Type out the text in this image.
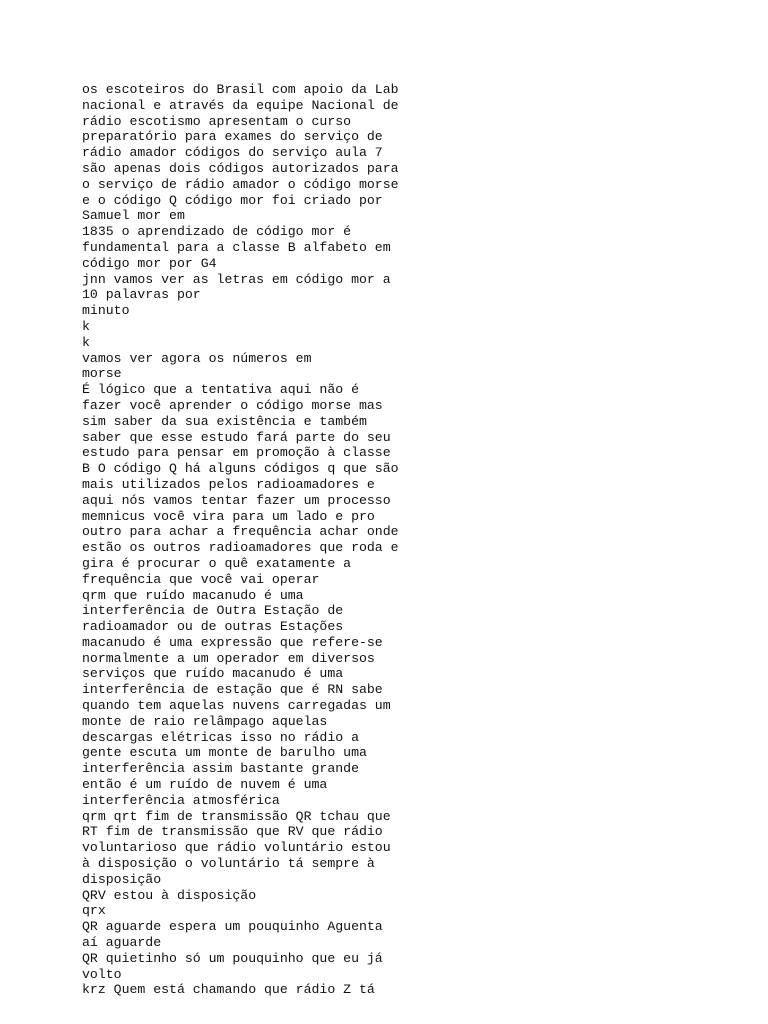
os escoteiros do Brasil com apoio da Lab
nacional e através da equipe Nacional de
rádio escotismo apresentam o curso
preparatório para exames do serviço de
rádio amador códigos do serviço aula 7
são apenas dois códigos autorizados para
o serviço de rádio amador o código morse
e o código Q código mor foi criado por
Samuel mor em
1835 o aprendizado de código mor é
fundamental para a classe B alfabeto em
código mor por G4
jnn vamos ver as letras em código mor a
10 palavras por
minuto
k
k
vamos ver agora os números em
morse
É lógico que a tentativa aqui não é
fazer você aprender o código morse mas
sim saber da sua existência e também
saber que esse estudo fará parte do seu
estudo para pensar em promoção à classe
B O código Q há alguns códigos q que são
mais utilizados pelos radioamadores e
aqui nós vamos tentar fazer um processo
memnicus você vira para um lado e pro
outro para achar a frequência achar onde
estão os outros radioamadores que roda e
gira é procurar o quê exatamente a
frequência que você vai operar
qrm que ruído macanudo é uma
interferência de Outra Estação de
radioamador ou de outras Estações
macanudo é uma expressão que refere-se
normalmente a um operador em diversos
serviços que ruído macanudo é uma
interferência de estação que é RN sabe
quando tem aquelas nuvens carregadas um
monte de raio relâmpago aquelas
descargas elétricas isso no rádio a
gente escuta um monte de barulho uma
interferência assim bastante grande
então é um ruído de nuvem é uma
interferência atmosférica
qrm qrt fim de transmissão QR tchau que
RT fim de transmissão que RV que rádio
voluntarioso que rádio voluntário estou
à disposição o voluntário tá sempre à
disposição
QRV estou à disposição
qrx
QR aguarde espera um pouquinho Aguenta
aí aguarde
QR quietinho só um pouquinho que eu já
volto
krz Quem está chamando que rádio Z tá
